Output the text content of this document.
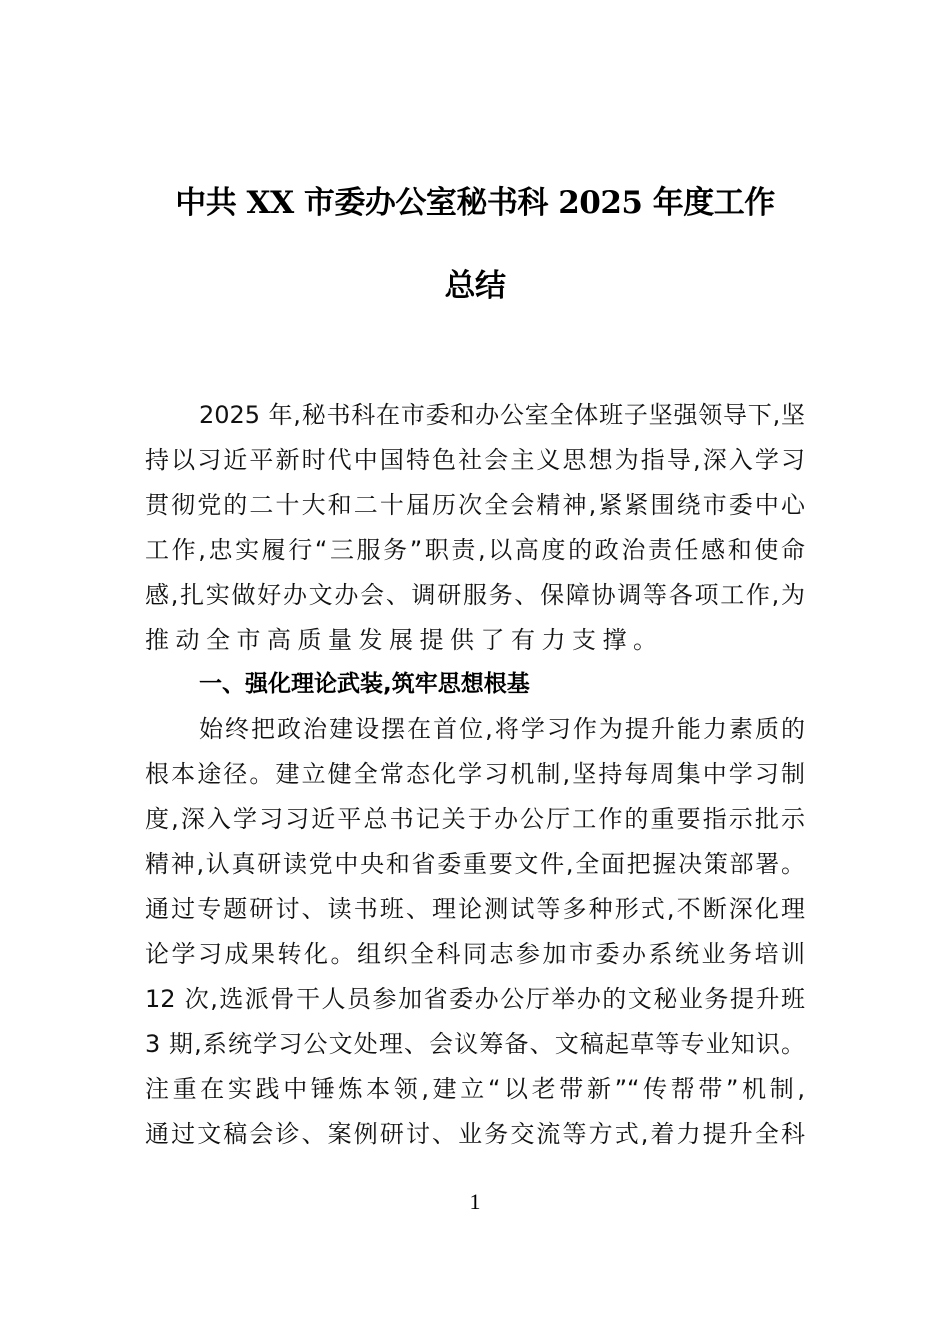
中共 XX 市委办公室秘书科 2025 年度工作
总结
2025 年,秘书科在市委和办公室全体班子坚强领导下,坚
持以习近平新时代中国特色社会主义思想为指导,深入学习
贯彻党的二十大和二十届历次全会精神,紧紧围绕市委中心
工作,忠实履行“三服务”职责,以高度的政治责任感和使命
感,扎实做好办文办会、调研服务、保障协调等各项工作,为
推动全市高质量发展提供了有力支撑。
一、强化理论武装,筑牢思想根基
始终把政治建设摆在首位,将学习作为提升能力素质的
根本途径。建立健全常态化学习机制,坚持每周集中学习制
度,深入学习习近平总书记关于办公厅工作的重要指示批示
精神,认真研读党中央和省委重要文件,全面把握决策部署。
通过专题研讨、读书班、理论测试等多种形式,不断深化理
论学习成果转化。组织全科同志参加市委办系统业务培训
12 次,选派骨干人员参加省委办公厅举办的文秘业务提升班
3 期,系统学习公文处理、会议筹备、文稿起草等专业知识。
注重在实践中锤炼本领,建立“以老带新”“传帮带”机制,
通过文稿会诊、案例研讨、业务交流等方式,着力提升全科
1
